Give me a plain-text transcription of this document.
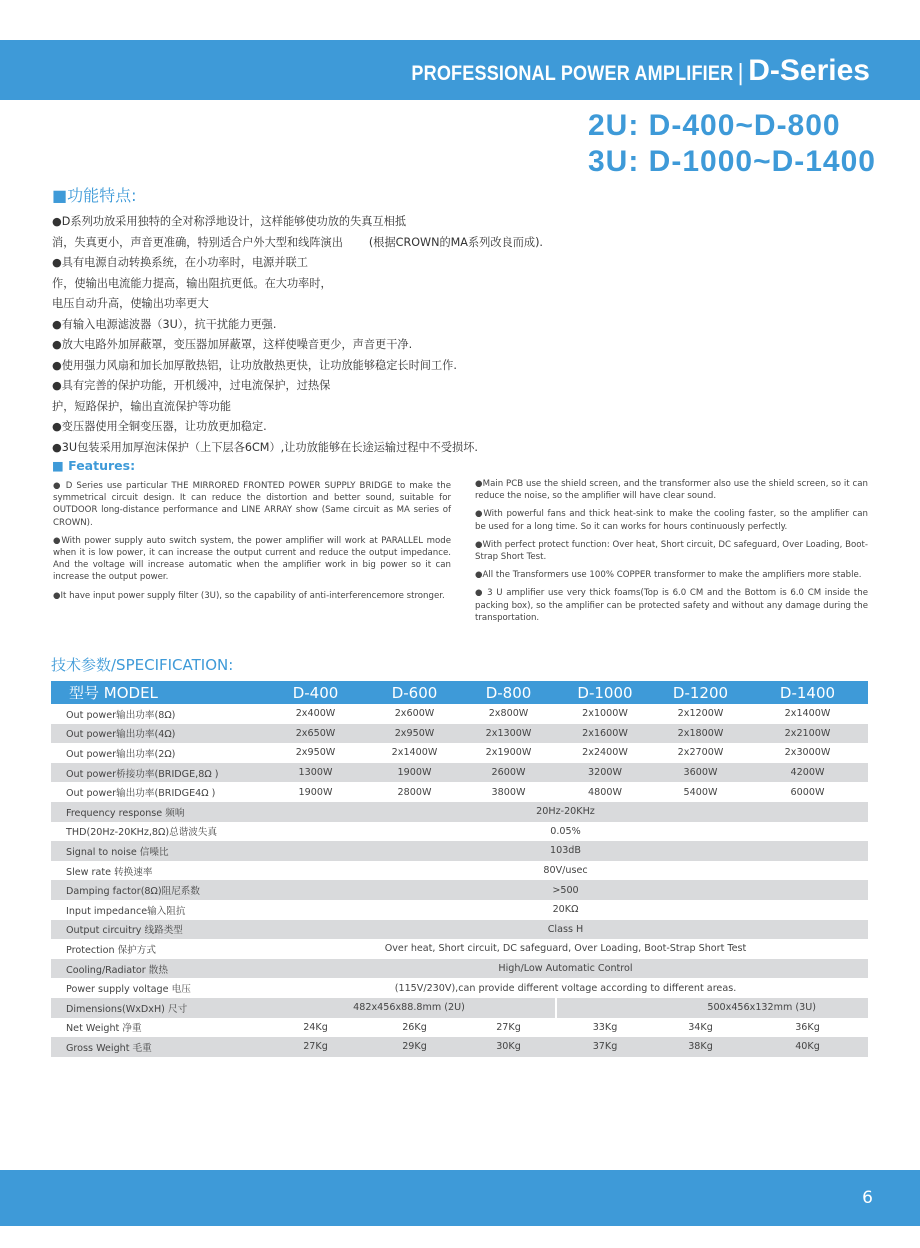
PROFESSIONAL POWER AMPLIFIER | D-Series
2U: D-400~D-800
3U: D-1000~D-1400
■功能特点:
●D系列功放采用独特的全对称浮地设计，这样能够使功放的失真互相抵
消，失真更小，声音更准确，特别适合户外大型和线阵演出 (根据CROWN的MA系列改良而成).
●具有电源自动转换系统，在小功率时，电源并联工
作，使输出电流能力提高，输出阻抗更低。在大功率时，
电压自动升高，使输出功率更大
●有输入电源滤波器（3U），抗干扰能力更强.
●放大电路外加屏蔽罩，变压器加屏蔽罩，这样使噪音更少，声音更干净.
●使用强力风扇和加长加厚散热铝，让功放散热更快，让功放能够稳定长时间工作.
●具有完善的保护功能，开机缓冲，过电流保护，过热保
护，短路保护，输出直流保护等功能
●变压器使用全铜变压器，让功放更加稳定.
●3U包装采用加厚泡沫保护（上下层各6CM）,让功放能够在长途运输过程中不受损坏.
■ Features:

● D Series use particular THE MIRRORED FRONTED POWER SUPPLY BRIDGE to make the symmetrical circuit design. It can reduce the distortion and better sound, suitable for OUTDOOR long-distance performance and LINE ARRAY show (Same circuit as MA series of CROWN).

●With power supply auto switch system, the power amplifier will work at PARALLEL mode when it is low power, it can increase the output current and reduce the output impedance. And the voltage will increase automatic when the amplifier work in big power so it can increase the output power.

●It have input power supply filter (3U), so the capability of anti-interferencemore stronger.

●Main PCB use the shield screen, and the transformer also use the shield screen, so it can reduce the noise, so the amplifier will have clear sound.

●With powerful fans and thick heat-sink to make the cooling faster, so the amplifier can be used for a long time. So it can works for hours continuously perfectly.

●With perfect protect function: Over heat, Short circuit, DC safeguard, Over Loading, Boot-Strap Short Test.

●All the Transformers use 100% COPPER transformer to make the amplifiers more stable.

● 3 U amplifier use very thick foams(Top is 6.0 CM and the Bottom is 6.0 CM inside the packing box), so the amplifier can be protected safety and without any damage during the transportation.

技术参数/SPECIFICATION:
型号 MODEL	D-400	D-600	D-800	D-1000	D-1200	D-1400
Out power输出功率(8Ω)	2x400W	2x600W	2x800W	2x1000W	2x1200W	2x1400W
Out power输出功率(4Ω)	2x650W	2x950W	2x1300W	2x1600W	2x1800W	2x2100W
Out power输出功率(2Ω)	2x950W	2x1400W	2x1900W	2x2400W	2x2700W	2x3000W
Out power桥接功率(BRIDGE,8Ω )	1300W	1900W	2600W	3200W	3600W	4200W
Out power输出功率(BRIDGE4Ω )	1900W	2800W	3800W	4800W	5400W	6000W
Frequency response 频响	20Hz-20KHz					
THD(20Hz-20KHz,8Ω)总谐波失真	0.05%					
Signal to noise 信噪比	103dB					
Slew rate 转换速率	80V/usec					
Damping factor(8Ω)阻尼系数	>500					
Input impedance输入阻抗	20KΩ					
Output circuitry 线路类型	Class H					
Protection 保护方式	Over heat, Short circuit, DC safeguard, Over Loading, Boot-Strap Short Test					
Cooling/Radiator 散热	High/Low Automatic Control					
Power supply voltage 电压	(115V/230V),can provide different voltage according to different areas.					
Dimensions(WxDxH) 尺寸	482x456x88.8mm (2U)			500x456x132mm (3U)		
Net Weight 净重	24Kg	26Kg	27Kg	33Kg	34Kg	36Kg
Gross Weight 毛重	27Kg	29Kg	30Kg	37Kg	38Kg	40Kg
6
